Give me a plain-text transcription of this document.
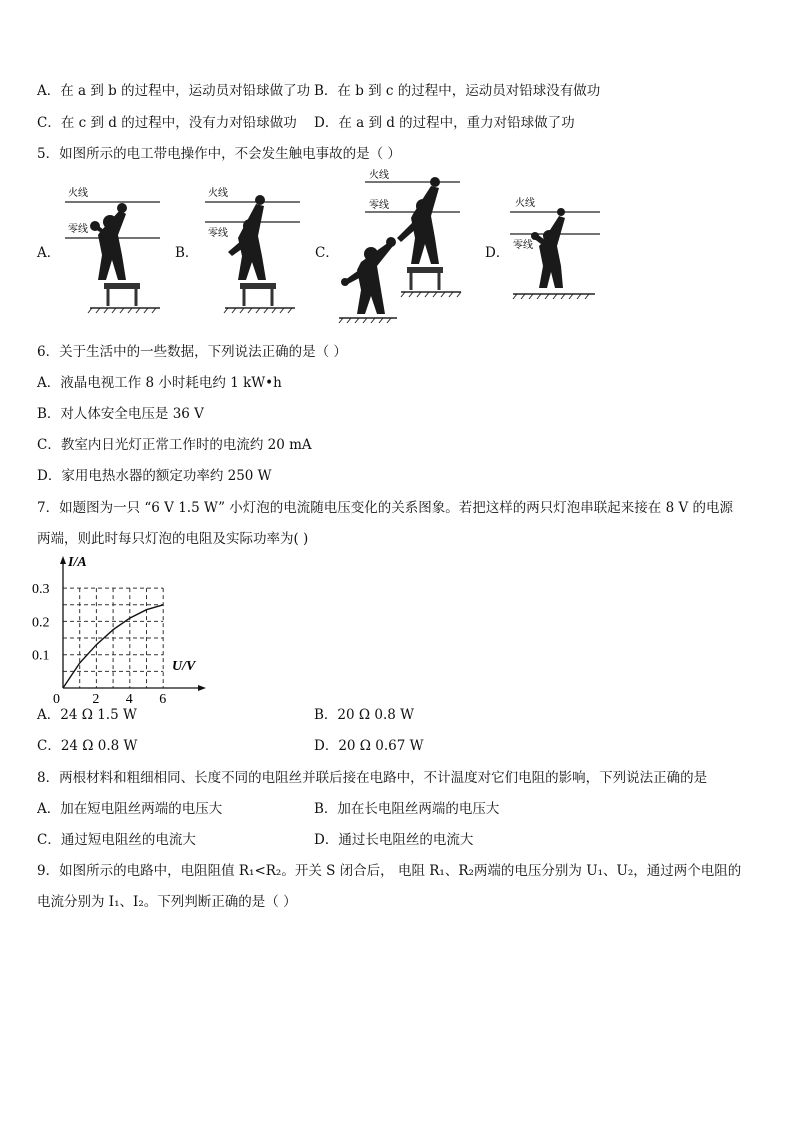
A．在 a 到 b 的过程中，运动员对铅球做了功 B．在 b 到 c 的过程中，运动员对铅球没有做功
C．在 c 到 d 的过程中，没有力对铅球做功 D．在 a 到 d 的过程中，重力对铅球做了功
5．如图所示的电工带电操作中，不会发生触电事故的是（ ）
A．	B．	C．	D．
火线
零线
火线
零线
火线
零线	火线
零线
6．关于生活中的一些数据，下列说法正确的是（ ）
A．液晶电视工作 8 小时耗电约 1 kW•h
B．对人体安全电压是 36 V
C．教室内日光灯正常工作时的电流约 20 mA
D．家用电热水器的额定功率约 250 W
7．如题图为一只 “6 V 1.5 W” 小灯泡的电流随电压变化的关系图象。若把这样的两只灯泡串联起来接在 8 V 的电源
两端，则此时每只灯泡的电阻及实际功率为( )
I/A
U/V
0 2 4 6
0.1
0.2
0.3
A．24 Ω 1.5 W	B．20 Ω 0.8 W
C．24 Ω 0.8 W	D．20 Ω 0.67 W
8．两根材料和粗细相同、长度不同的电阻丝并联后接在电路中，不计温度对它们电阻的影响，下列说法正确的是
A．加在短电阻丝两端的电压大	B．加在长电阻丝两端的电压大
C．通过短电阻丝的电流大	D．通过长电阻丝的电流大
9．如图所示的电路中，电阻阻值 R₁<R₂。开关 S 闭合后， 电阻 R₁、R₂两端的电压分别为 U₁、U₂，通过两个电阻的
电流分别为 I₁、I₂。下列判断正确的是（ ）
